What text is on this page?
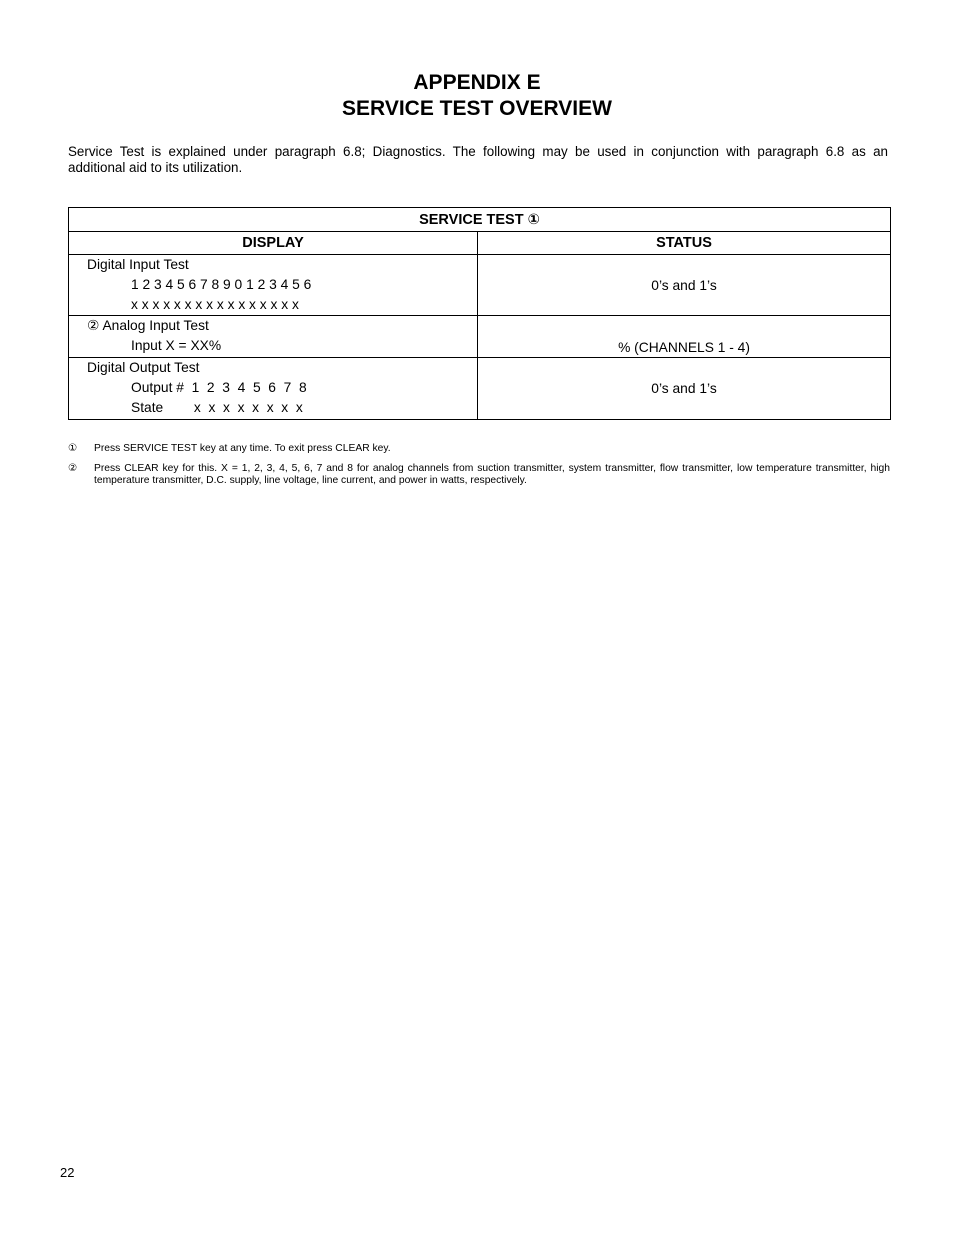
APPENDIX E
SERVICE TEST OVERVIEW
Service Test is explained under paragraph 6.8; Diagnostics. The following may be used in conjunction with paragraph 6.8 as an
additional aid to its utilization.
SERVICE TEST ①	
DISPLAY	STATUS

Digital Input Test
1 2 3 4 5 6 7 8 9 0 1 2 3 4 5 6
x x x x x x x x x x x x x x x x	0’s and 1’s

② Analog Input Test
Input X = XX%	% (CHANNELS 1 - 4)

Digital Output Test
Output #  1  2  3  4  5  6  7  8
State        x  x  x  x  x  x  x  x	0’s and 1’s
①	Press SERVICE TEST key at any time. To exit press CLEAR key.
②	Press CLEAR key for this. X = 1, 2, 3, 4, 5, 6, 7 and 8 for analog channels from suction transmitter, system transmitter, flow transmitter, low temperature transmitter, high temperature transmitter, D.C. supply, line voltage, line current, and power in watts, respectively.
22
